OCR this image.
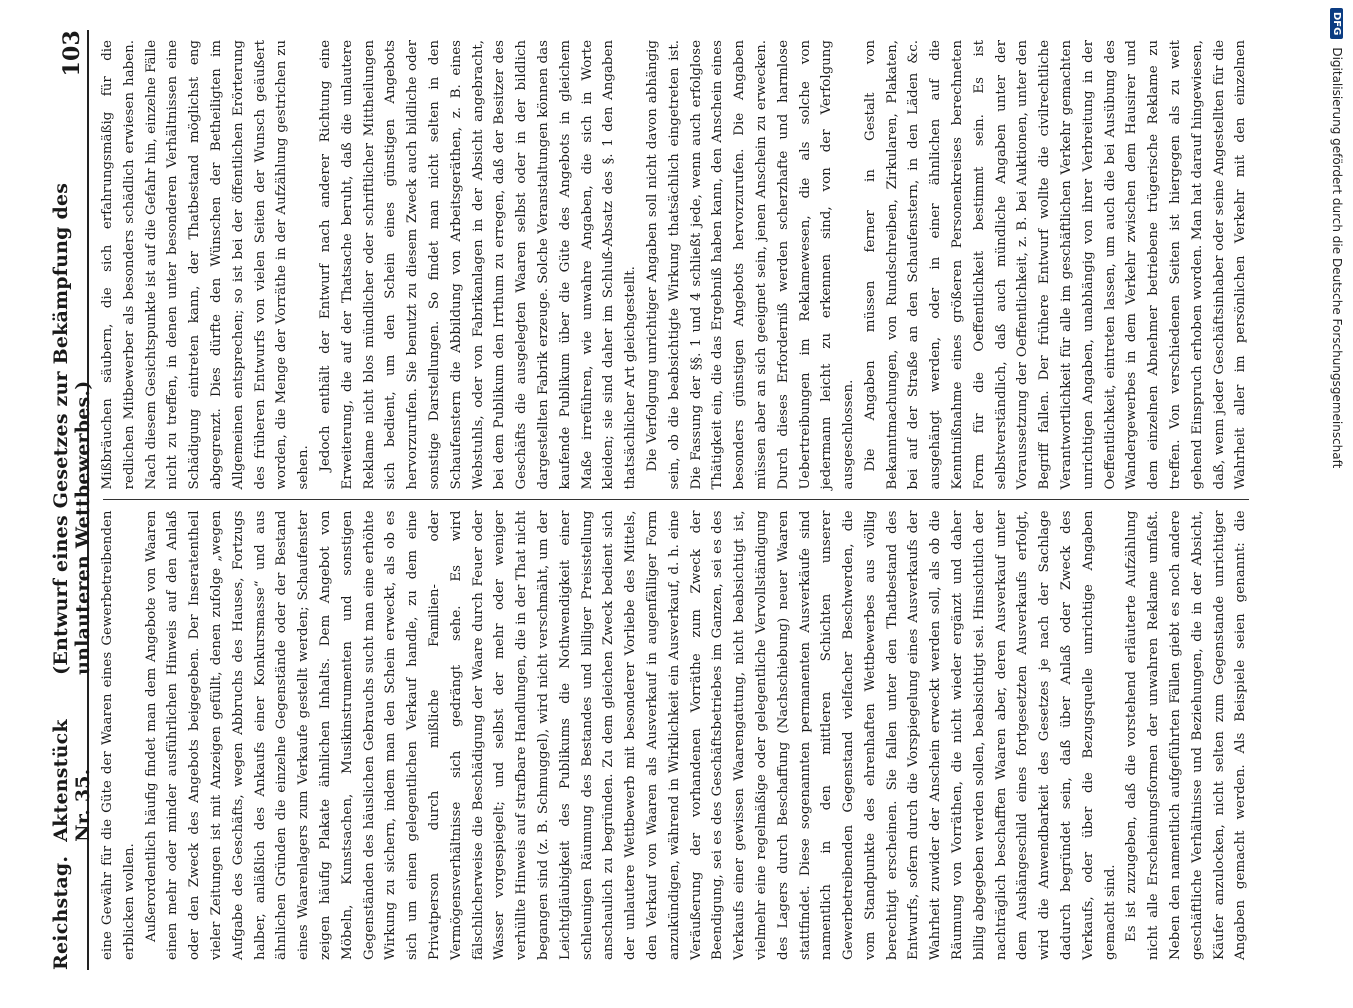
Reichstag.
Aktenstück Nr. 35.
(Entwurf eines Gesetzes zur Bekämpfung des unlauteren Wettbewerbes.)
103

eine Gewähr für die Güte der Waaren eines Gewerbetreibenden erblicken wollen. Außerordentlich häufig findet man dem Angebote von Waaren einen mehr oder minder ausführlichen Hinweis auf den Anlaß oder den Zweck des Angebots beigegeben. Der Inseratentheil vieler Zeitungen ist mit Anzeigen gefüllt, denen zufolge „wegen Aufgabe des Geschäfts, wegen Abbruchs des Hauses, Fortzugs halber, anläßlich des Ankaufs einer Konkursmasse“ und aus ähnlichen Gründen die einzelne Gegenstände oder der Bestand eines Waarenlagers zum Verkaufe gestellt werden; Schaufenster zeigen häufig Plakate ähnlichen Inhalts. Dem Angebot von Möbeln, Kunstsachen, Musikinstrumenten und sonstigen Gegenständen des häuslichen Gebrauchs sucht man eine erhöhte Wirkung zu sichern, indem man den Schein erweckt, als ob es sich um einen gelegentlichen Verkauf handle, zu dem eine Privatperson durch mißliche Familien- oder Vermögensverhältnisse sich gedrängt sehe. Es wird fälschlicherweise die Beschädigung der Waare durch Feuer oder Wasser vorgespiegelt; und selbst der mehr oder weniger verhüllte Hinweis auf strafbare Handlungen, die in der That nicht begangen sind (z. B. Schmuggel), wird nicht verschmäht, um der Leichtgläubigkeit des Publikums die Nothwendigkeit einer schleunigen Räumung des Bestandes und billiger Preisstellung anschaulich zu begründen. Zu dem gleichen Zweck bedient sich der unlautere Wettbewerb mit besonderer Vorliebe des Mittels, den Verkauf von Waaren als Ausverkauf in augenfälliger Form anzukündigen, während in Wirklichkeit ein Ausverkauf, d. h. eine Veräußerung der vorhandenen Vorräthe zum Zweck der Beendigung, sei es des Geschäftsbetriebes im Ganzen, sei es des Verkaufs einer gewissen Waarengattung, nicht beabsichtigt ist, vielmehr eine regelmäßige oder gelegentliche Vervollständigung des Lagers durch Beschaffung (Nachschiebung) neuer Waaren stattfindet. Diese sogenannten permanenten Ausverkäufe sind namentlich in den mittleren Schichten unserer Gewerbetreibenden Gegenstand vielfacher Beschwerden, die vom Standpunkte des ehrenhaften Wettbewerbes aus völlig berechtigt erscheinen. Sie fallen unter den Thatbestand des Entwurfs, sofern durch die Vorspiegelung eines Ausverkaufs der Wahrheit zuwider der Anschein erweckt werden soll, als ob die Räumung von Vorräthen, die nicht wieder ergänzt und daher billig abgegeben werden sollen, beabsichtigt sei. Hinsichtlich der nachträglich beschafften Waaren aber, deren Ausverkauf unter dem Aushängeschild eines fortgesetzten Ausverkaufs erfolgt, wird die Anwendbarkeit des Gesetzes je nach der Sachlage dadurch begründet sein, daß über Anlaß oder Zweck des Verkaufs, oder über die Bezugsquelle unrichtige Angaben gemacht sind. Es ist zuzugeben, daß die vorstehend erläuterte Aufzählung nicht alle Erscheinungsformen der unwahren Reklame umfaßt. Neben den namentlich aufgeführten Fällen giebt es noch andere geschäftliche Verhältnisse und Beziehungen, die in der Absicht, Käufer anzulocken, nicht selten zum Gegenstande unrichtiger Angaben gemacht werden. Als Beispiele seien genannt: die

Mißbräuchen säubern, die sich erfahrungsmäßig für die redlichen Mitbewerber als besonders schädlich erwiesen haben. Nach diesem Gesichtspunkte ist auf die Gefahr hin, einzelne Fälle nicht zu treffen, in denen unter besonderen Verhältnissen eine Schädigung eintreten kann, der Thatbestand möglichst eng abgegrenzt. Dies dürfte den Wünschen der Betheiligten im Allgemeinen entsprechen; so ist bei der öffentlichen Erörterung des früheren Entwurfs von vielen Seiten der Wunsch geäußert worden, die Menge der Vorräthe in der Aufzählung gestrichen zu sehen. Jedoch enthält der Entwurf nach anderer Richtung eine Erweiterung, die auf der Thatsache beruht, daß die unlautere Reklame nicht blos mündlicher oder schriftlicher Mittheilungen sich bedient, um den Schein eines günstigen Angebots hervorzurufen. Sie benutzt zu diesem Zweck auch bildliche oder sonstige Darstellungen. So findet man nicht selten in den Schaufenstern die Abbildung von Arbeitsgeräthen, z. B. eines Webstuhls, oder von Fabrikanlagen in der Absicht angebracht, bei dem Publikum den Irrthum zu erregen, daß der Besitzer des Geschäfts die ausgelegten Waaren selbst oder in der bildlich dargestellten Fabrik erzeuge. Solche Veranstaltungen können das kaufende Publikum über die Güte des Angebots in gleichem Maße irreführen, wie unwahre Angaben, die sich in Worte kleiden; sie sind daher im Schluß-Absatz des §. 1 den Angaben thatsächlicher Art gleichgestellt. Die Verfolgung unrichtiger Angaben soll nicht davon abhängig sein, ob die beabsichtigte Wirkung thatsächlich eingetreten ist. Die Fassung der §§. 1 und 4 schließt jede, wenn auch erfolglose Thätigkeit ein, die das Ergebniß haben kann, den Anschein eines besonders günstigen Angebots hervorzurufen. Die Angaben müssen aber an sich geeignet sein, jenen Anschein zu erwecken. Durch dieses Erforderniß werden scherzhafte und harmlose Uebertreibungen im Reklamewesen, die als solche von jedermann leicht zu erkennen sind, von der Verfolgung ausgeschlossen. Die Angaben müssen ferner in Gestalt von Bekanntmachungen, von Rundschreiben, Zirkularen, Plakaten, bei auf der Straße an den Schaufenstern, in den Läden &c. ausgehängt werden, oder in einer ähnlichen auf die Kenntnißnahme eines größeren Personenkreises berechneten Form für die Oeffentlichkeit bestimmt sein. Es ist selbstverständlich, daß auch mündliche Angaben unter der Voraussetzung der Oeffentlichkeit, z. B. bei Auktionen, unter den Begriff fallen. Der frühere Entwurf wollte die civilrechtliche Verantwortlichkeit für alle im geschäftlichen Verkehr gemachten unrichtigen Angaben, unabhängig von ihrer Verbreitung in der Oeffentlichkeit, eintreten lassen, um auch die bei Ausübung des Wandergewerbes in dem Verkehr zwischen dem Hausirer und dem einzelnen Abnehmer betriebene trügerische Reklame zu treffen. Von verschiedenen Seiten ist hiergegen als zu weit gehend Einspruch erhoben worden. Man hat darauf hingewiesen, daß, wenn jeder Geschäftsinhaber oder seine Angestellten für die Wahrheit aller im persönlichen Verkehr mit den einzelnen

DFG
Digitalisierung gefördert durch die Deutsche Forschungsgemeinschaft
